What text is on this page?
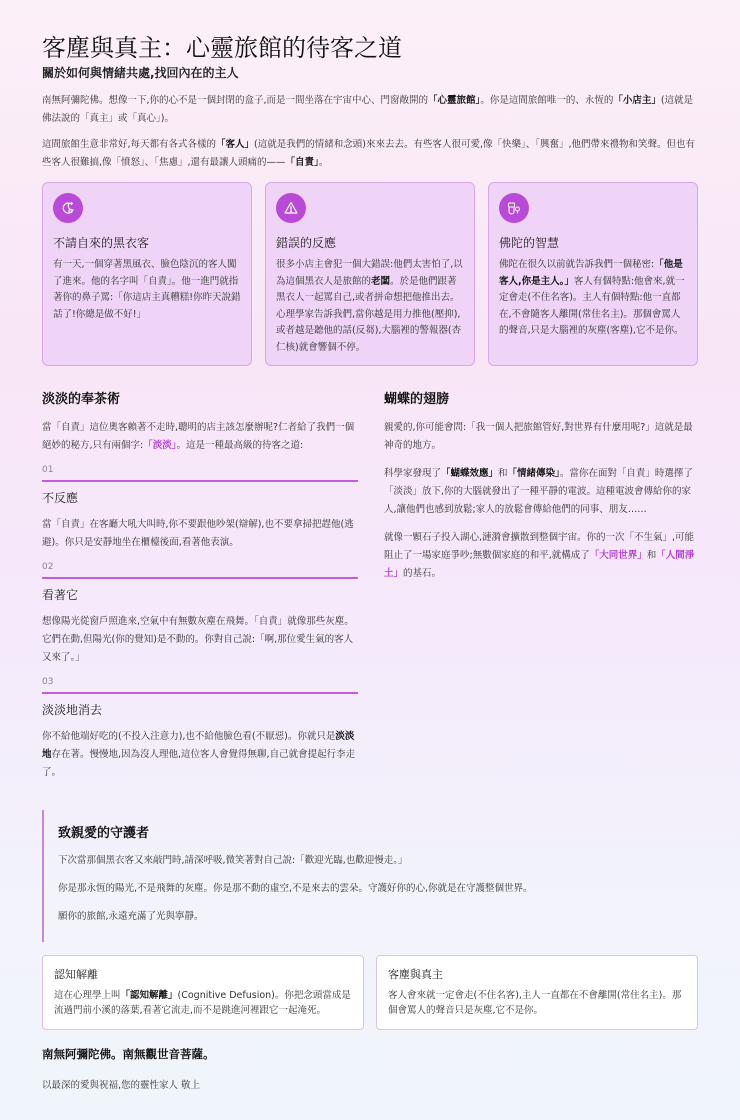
客塵與真主：心靈旅館的待客之道
關於如何與情緒共處,找回內在的主人

南無阿彌陀佛。想像一下,你的心不是一個封閉的盒子,而是一間坐落在宇宙中心、門窗敞開的「心靈旅館」。你是這間旅館唯一的、永恆的「小店主」(這就是佛法說的「真主」或「真心」)。

這間旅館生意非常好,每天都有各式各樣的「客人」(這就是我們的情緒和念頭)來來去去。有些客人很可愛,像「快樂」、「興奮」,他們帶來禮物和笑聲。但也有些客人很難搞,像「憤怒」、「焦慮」,還有最讓人頭痛的——「自責」。

不請自來的黑衣客
有一天,一個穿著黑風衣、臉色陰沉的客人闖了進來。他的名字叫「自責」。他一進門就指著你的鼻子罵:「你這店主真糟糕!你昨天說錯話了!你總是做不好!」
錯誤的反應
很多小店主會犯一個大錯誤:他們太害怕了,以為這個黑衣人是旅館的老闆。於是他們跟著黑衣人一起罵自己,或者拼命想把他推出去。心理學家告訴我們,當你越是用力推他(壓抑),或者越是聽他的話(反芻),大腦裡的警報器(杏仁核)就會響個不停。
佛陀的智慧
佛陀在很久以前就告訴我們一個秘密:「他是客人,你是主人。」客人有個特點:他會來,就一定會走(不住名客)。主人有個特點:他一直都在,不會隨客人離開(常住名主)。那個會罵人的聲音,只是大腦裡的灰塵(客塵),它不是你。
淡淡的奉茶術

當「自責」這位奧客賴著不走時,聰明的店主該怎麼辦呢?仁者給了我們一個絕妙的秘方,只有兩個字:「淡淡」。這是一種最高級的待客之道:

01
不反應

當「自責」在客廳大吼大叫時,你不要跟他吵架(辯解),也不要拿掃把趕他(逃避)。你只是安靜地坐在櫃檯後面,看著他表演。

02
看著它

想像陽光從窗戶照進來,空氣中有無數灰塵在飛舞。「自責」就像那些灰塵。它們在動,但陽光(你的覺知)是不動的。你對自己說:「啊,那位愛生氣的客人又來了。」

03
淡淡地消去

你不給他端好吃的(不投入注意力),也不給他臉色看(不厭惡)。你就只是淡淡地存在著。慢慢地,因為沒人理他,這位客人會覺得無聊,自己就會提起行李走了。

蝴蝶的翅膀

親愛的,你可能會問:「我一個人把旅館管好,對世界有什麼用呢?」這就是最神奇的地方。

科學家發現了「蝴蝶效應」和「情緒傳染」。當你在面對「自責」時選擇了「淡淡」放下,你的大腦就發出了一種平靜的電波。這種電波會傳給你的家人,讓他們也感到放鬆;家人的放鬆會傳給他們的同事、朋友……

就像一顆石子投入湖心,漣漪會擴散到整個宇宙。你的一次「不生氣」,可能阻止了一場家庭爭吵;無數個家庭的和平,就構成了「大同世界」和「人間淨土」的基石。

致親愛的守護者

下次當那個黑衣客又來敲門時,請深呼吸,微笑著對自己說:「歡迎光臨,也歡迎慢走。」

你是那永恆的陽光,不是飛舞的灰塵。你是那不動的虛空,不是來去的雲朵。守護好你的心,你就是在守護整個世界。

願你的旅館,永遠充滿了光與寧靜。

認知解離
這在心理學上叫「認知解離」(Cognitive Defusion)。你把念頭當成是流過門前小溪的落葉,看著它流走,而不是跳進河裡跟它一起淹死。
客塵與真主
客人會來就一定會走(不住名客),主人一直都在不會離開(常住名主)。那個會罵人的聲音只是灰塵,它不是你。
南無阿彌陀佛。南無觀世音菩薩。
以最深的愛與祝福,您的靈性家人 敬上
